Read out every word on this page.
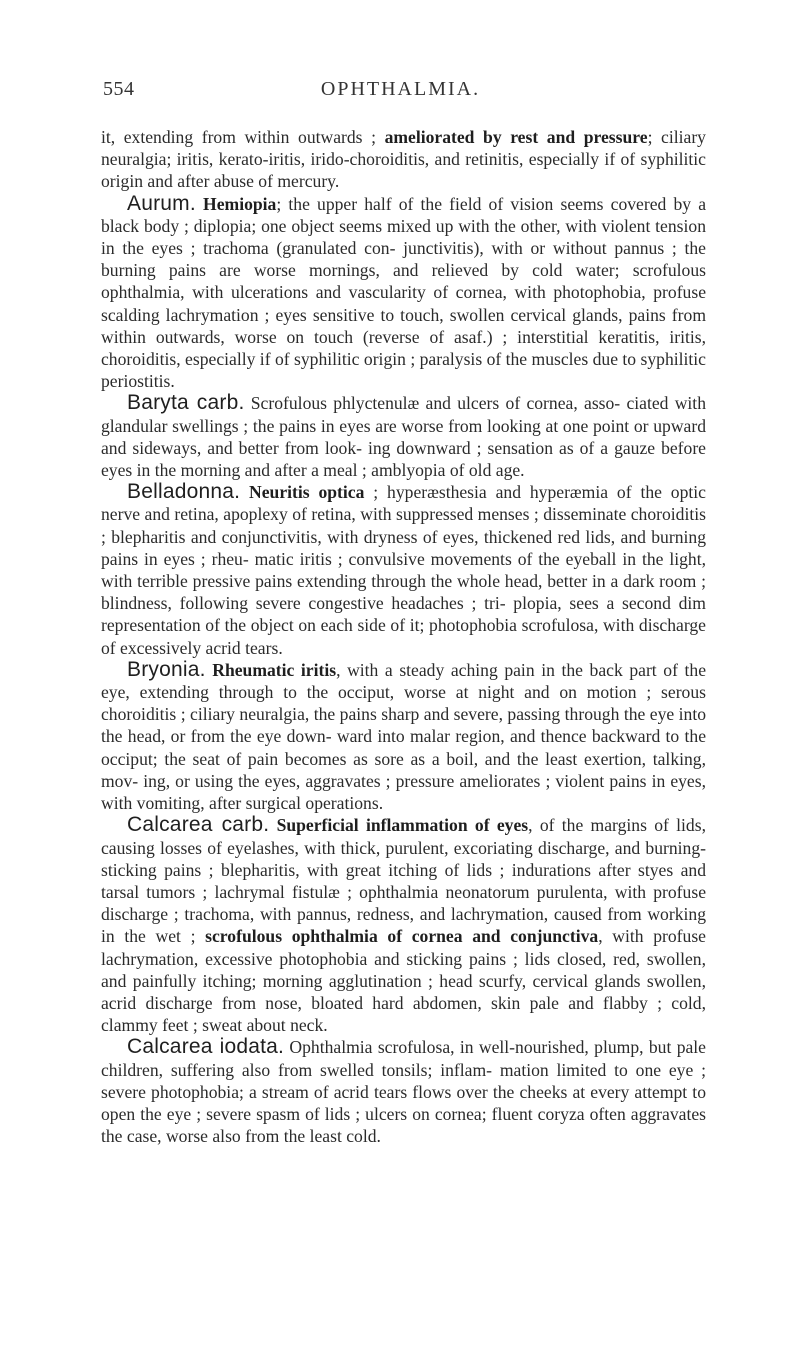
554	OPHTHALMIA.

it, extending from within outwards ; ameliorated by rest and pressure; ciliary neuralgia; iritis, kerato-iritis, irido-choroiditis, and retinitis, especially if of syphilitic origin and after abuse of mercury.

Aurum. Hemiopia; the upper half of the field of vision seems covered by a black body ; diplopia; one object seems mixed up with the other, with violent tension in the eyes ; trachoma (granulated con- junctivitis), with or without pannus ; the burning pains are worse mornings, and relieved by cold water; scrofulous ophthalmia, with ulcerations and vascularity of cornea, with photophobia, profuse scalding lachrymation ; eyes sensitive to touch, swollen cervical glands, pains from within outwards, worse on touch (reverse of asaf.) ; interstitial keratitis, iritis, choroiditis, especially if of syphilitic origin ; paralysis of the muscles due to syphilitic periostitis.

Baryta carb. Scrofulous phlyctenulæ and ulcers of cornea, asso- ciated with glandular swellings ; the pains in eyes are worse from looking at one point or upward and sideways, and better from look- ing downward ; sensation as of a gauze before eyes in the morning and after a meal ; amblyopia of old age.

Belladonna. Neuritis optica ; hyperæsthesia and hyperæmia of the optic nerve and retina, apoplexy of retina, with suppressed menses ; disseminate choroiditis ; blepharitis and conjunctivitis, with dryness of eyes, thickened red lids, and burning pains in eyes ; rheu- matic iritis ; convulsive movements of the eyeball in the light, with terrible pressive pains extending through the whole head, better in a dark room ; blindness, following severe congestive headaches ; tri- plopia, sees a second dim representation of the object on each side of it; photophobia scrofulosa, with discharge of excessively acrid tears.

Bryonia. Rheumatic iritis, with a steady aching pain in the back part of the eye, extending through to the occiput, worse at night and on motion ; serous choroiditis ; ciliary neuralgia, the pains sharp and severe, passing through the eye into the head, or from the eye down- ward into malar region, and thence backward to the occiput; the seat of pain becomes as sore as a boil, and the least exertion, talking, mov- ing, or using the eyes, aggravates ; pressure ameliorates ; violent pains in eyes, with vomiting, after surgical operations.

Calcarea carb. Superficial inflammation of eyes, of the margins of lids, causing losses of eyelashes, with thick, purulent, excoriating discharge, and burning-sticking pains ; blepharitis, with great itching of lids ; indurations after styes and tarsal tumors ; lachrymal fistulæ ; ophthalmia neonatorum purulenta, with profuse discharge ; trachoma, with pannus, redness, and lachrymation, caused from working in the wet ; scrofulous ophthalmia of cornea and conjunctiva, with profuse lachrymation, excessive photophobia and sticking pains ; lids closed, red, swollen, and painfully itching; morning agglutination ; head scurfy, cervical glands swollen, acrid discharge from nose, bloated hard abdomen, skin pale and flabby ; cold, clammy feet ; sweat about neck.

Calcarea iodata. Ophthalmia scrofulosa, in well-nourished, plump, but pale children, suffering also from swelled tonsils; inflam- mation limited to one eye ; severe photophobia; a stream of acrid tears flows over the cheeks at every attempt to open the eye ; severe spasm of lids ; ulcers on cornea; fluent coryza often aggravates the case, worse also from the least cold.
